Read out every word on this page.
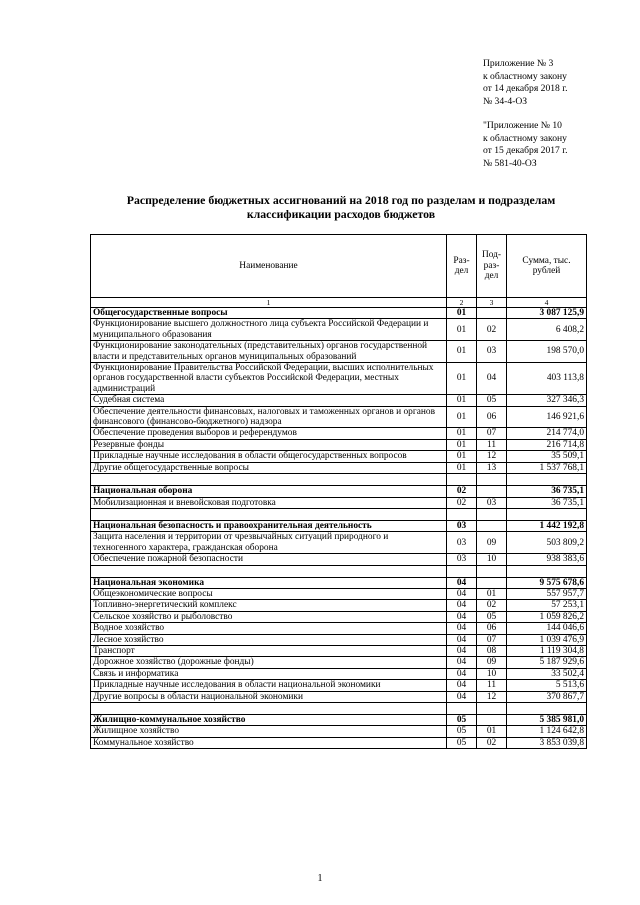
Приложение № 3
к областному закону
от 14 декабря 2018 г.
№ 34-4-ОЗ
"Приложение № 10
к областному закону
от 15 декабря 2017 г.
№ 581-40-ОЗ
Распределение бюджетных ассигнований на 2018 год по разделам и подразделам классификации расходов бюджетов
Наименование	Раз-дел	Под-раз-дел	Сумма, тыс. рублей
1	2	3	4
Общегосударственные вопросы	01		3 087 125,9
Функционирование высшего должностного лица субъекта Российской Федерации и муниципального образования	01	02	6 408,2
Функционирование законодательных (представительных) органов государственной власти и представительных органов муниципальных образований	01	03	198 570,0
Функционирование Правительства Российской Федерации, высших исполнительных органов государственной власти субъектов Российской Федерации, местных администраций	01	04	403 113,8
Судебная система	01	05	327 346,3
Обеспечение деятельности финансовых, налоговых и таможенных органов и органов финансового (финансово-бюджетного) надзора	01	06	146 921,6
Обеспечение проведения выборов и референдумов	01	07	214 774,0
Резервные фонды	01	11	216 714,8
Прикладные научные исследования в области общегосударственных вопросов	01	12	35 509,1
Другие общегосударственные вопросы	01	13	1 537 768,1

Национальная оборона	02		36 735,1
Мобилизационная и вневойсковая подготовка	02	03	36 735,1

Национальная безопасность и правоохранительная деятельность	03		1 442 192,8
Защита населения и территории от чрезвычайных ситуаций природного и техногенного характера, гражданская оборона	03	09	503 809,2
Обеспечение пожарной безопасности	03	10	938 383,6

Национальная экономика	04		9 575 678,6
Общеэкономические вопросы	04	01	557 957,7
Топливно-энергетический комплекс	04	02	57 253,1
Сельское хозяйство и рыболовство	04	05	1 059 826,2
Водное хозяйство	04	06	144 046,6
Лесное хозяйство	04	07	1 039 476,9
Транспорт	04	08	1 119 304,8
Дорожное хозяйство (дорожные фонды)	04	09	5 187 929,6
Связь и информатика	04	10	33 502,4
Прикладные научные исследования в области национальной экономики	04	11	5 513,6
Другие вопросы в области национальной экономики	04	12	370 867,7

Жилищно-коммунальное хозяйство	05		5 385 981,0
Жилищное хозяйство	05	01	1 124 642,8
Коммунальное хозяйство	05	02	3 853 039,8
1
